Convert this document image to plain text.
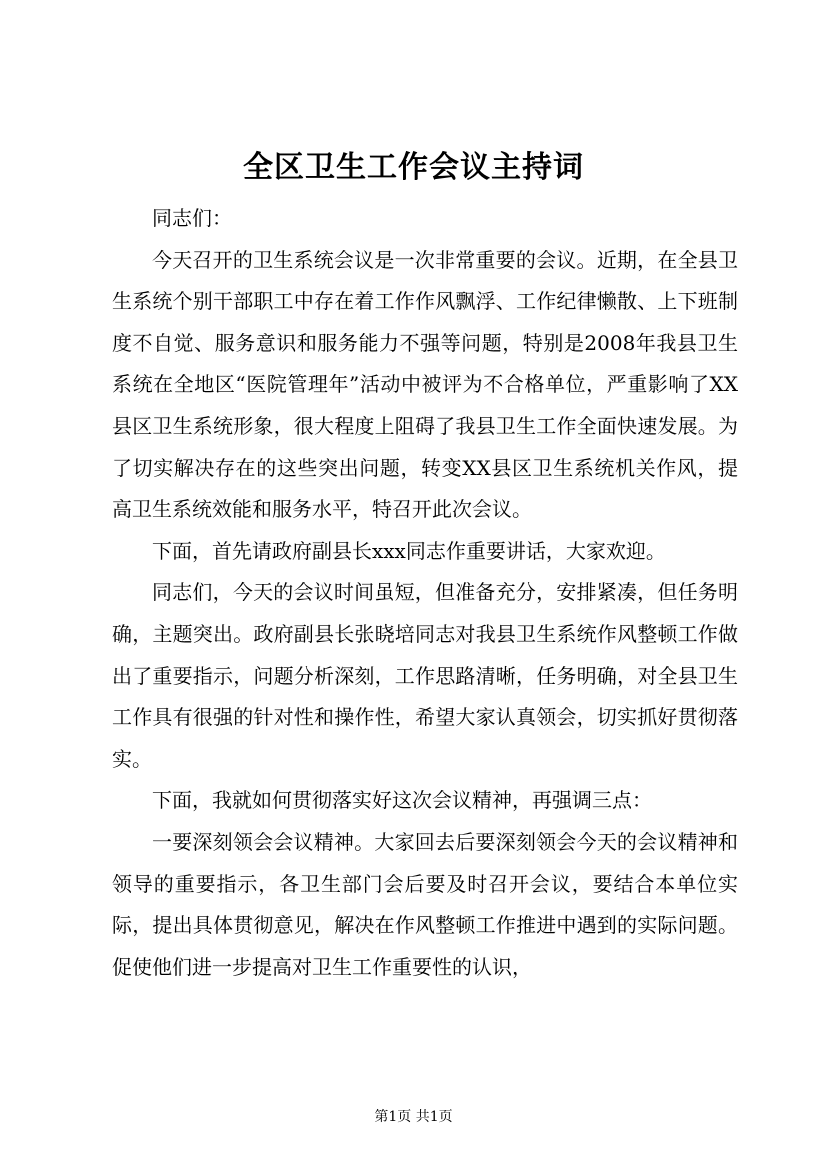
全区卫生工作会议主持词

同志们：

今天召开的卫生系统会议是一次非常重要的会议。近期，在全县卫生系统个别干部职工中存在着工作作风飘浮、工作纪律懒散、上下班制度不自觉、服务意识和服务能力不强等问题，特别是2008年我县卫生系统在全地区“医院管理年”活动中被评为不合格单位，严重影响了XX县区卫生系统形象，很大程度上阻碍了我县卫生工作全面快速发展。为了切实解决存在的这些突出问题，转变XX县区卫生系统机关作风，提高卫生系统效能和服务水平，特召开此次会议。

下面，首先请政府副县长xxx同志作重要讲话，大家欢迎。

同志们，今天的会议时间虽短，但准备充分，安排紧凑，但任务明确，主题突出。政府副县长张晓培同志对我县卫生系统作风整顿工作做出了重要指示，问题分析深刻，工作思路清晰，任务明确，对全县卫生工作具有很强的针对性和操作性，希望大家认真领会，切实抓好贯彻落实。

下面，我就如何贯彻落实好这次会议精神，再强调三点：

一要深刻领会会议精神。大家回去后要深刻领会今天的会议精神和领导的重要指示，各卫生部门会后要及时召开会议，要结合本单位实际，提出具体贯彻意见，解决在作风整顿工作推进中遇到的实际问题。促使他们进一步提高对卫生工作重要性的认识，

第1页 共1页
